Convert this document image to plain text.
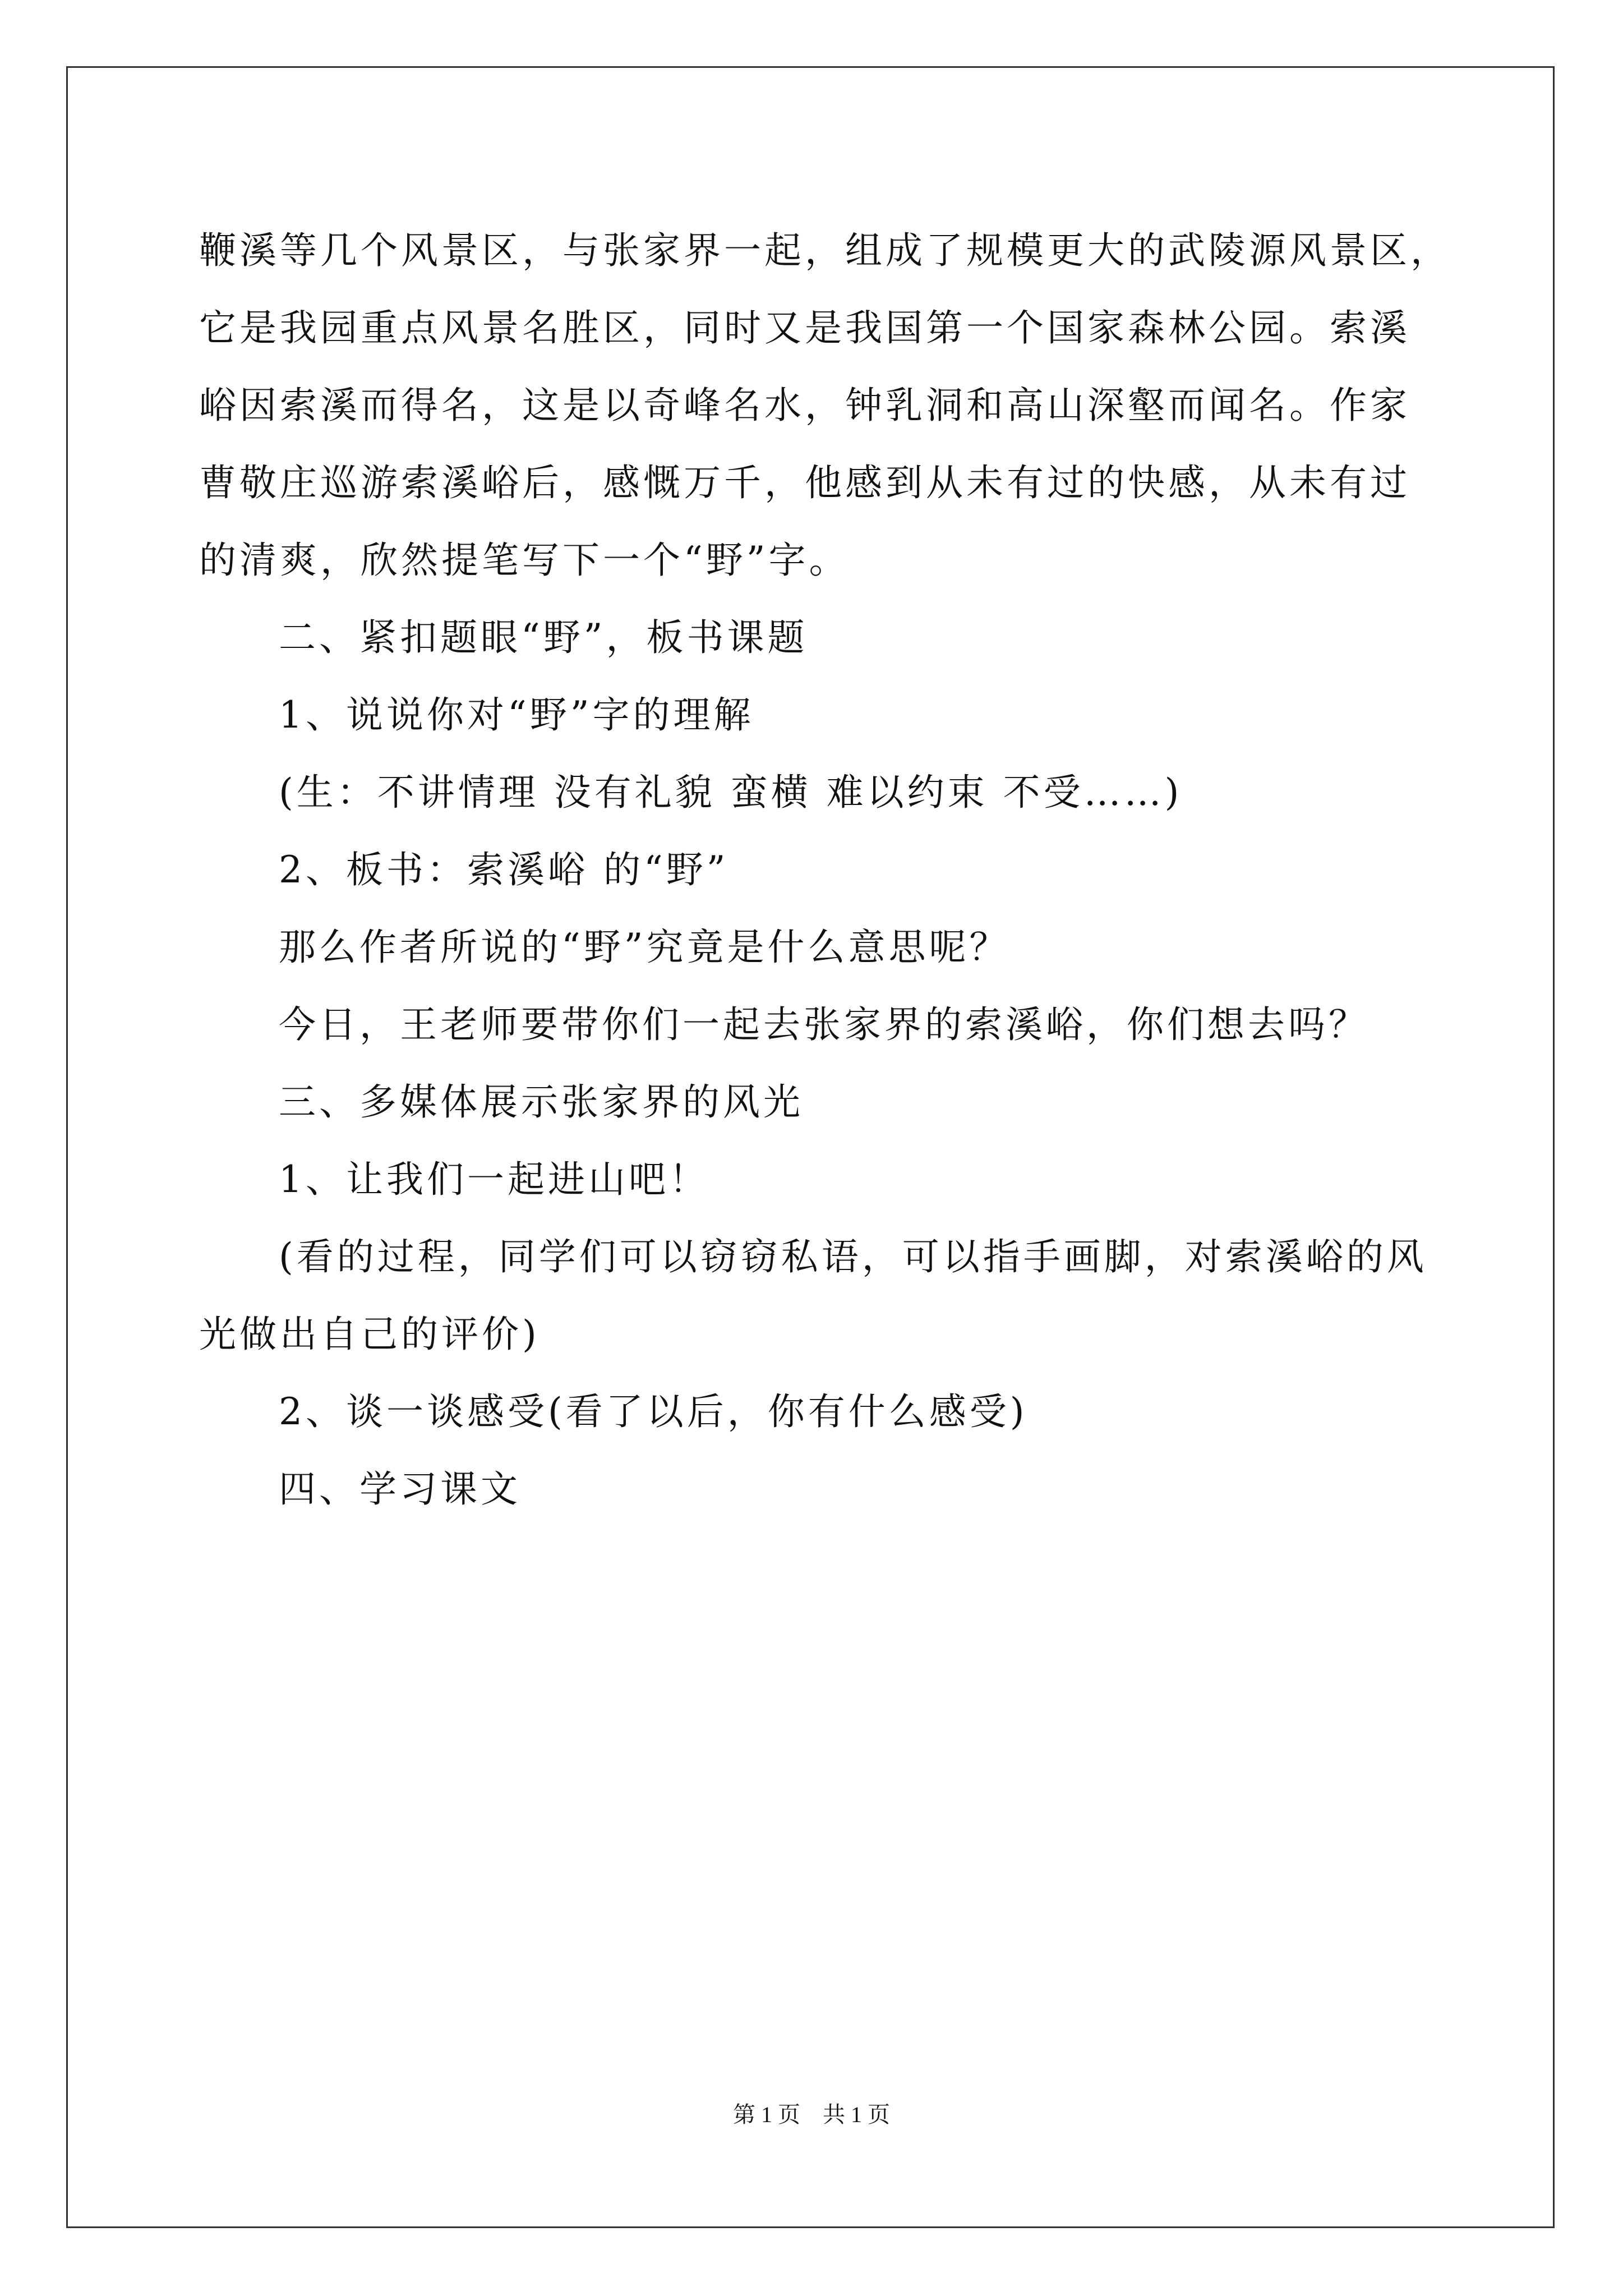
鞭溪等几个风景区，与张家界一起，组成了规模更大的武陵源风景区，
它是我园重点风景名胜区，同时又是我国第一个国家森林公园。索溪
峪因索溪而得名，这是以奇峰名水，钟乳洞和高山深壑而闻名。作家
曹敬庄巡游索溪峪后，感慨万千，他感到从未有过的快感，从未有过
的清爽，欣然提笔写下一个“野”字。
二、紧扣题眼“野”，板书课题
1、说说你对“野”字的理解
(生：不讲情理 没有礼貌 蛮横 难以约束 不受……)
2、板书：索溪峪 的“野”
那么作者所说的“野”究竟是什么意思呢？
今日，王老师要带你们一起去张家界的索溪峪，你们想去吗？
三、多媒体展示张家界的风光
1、让我们一起进山吧！
(看的过程，同学们可以窃窃私语，可以指手画脚，对索溪峪的风
光做出自己的评价)
2、谈一谈感受(看了以后，你有什么感受)
四、学习课文
第 1 页    共 1 页
